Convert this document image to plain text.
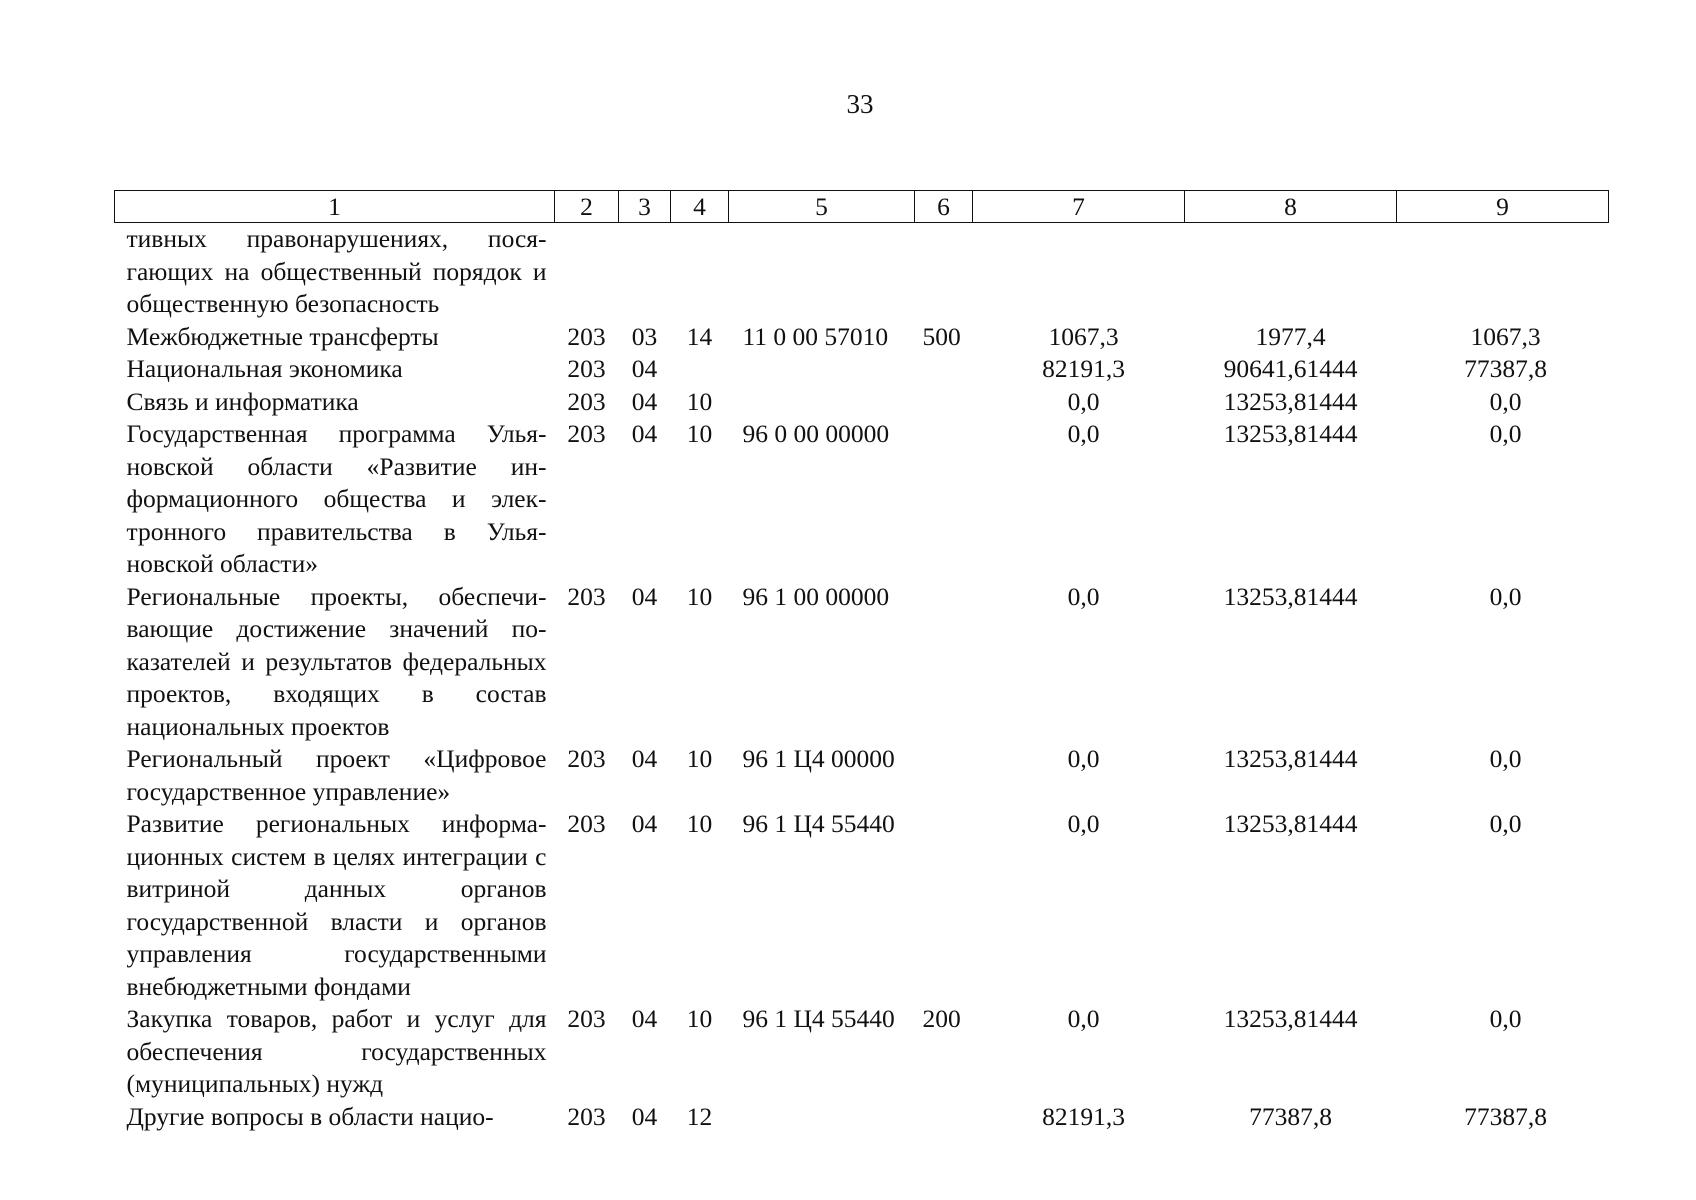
33
1	2	3	4	5	6	7	8	9
тивных правонарушениях, посягающих на общественный порядок и общественную безопасность								
Межбюджетные трансферты	203	03	14	11 0 00 57010	500	1067,3	1977,4	1067,3
Национальная экономика	203	04				82191,3	90641,61444	77387,8
Связь и информатика	203	04	10			0,0	13253,81444	0,0
Государственная программа Ульяновской области «Развитие информационного общества и электронного правительства в Ульяновской области»	203	04	10	96 0 00 00000		0,0	13253,81444	0,0
Региональные проекты, обеспечивающие достижение значений показателей и результатов федеральных проектов, входящих в состав национальных проектов	203	04	10	96 1 00 00000		0,0	13253,81444	0,0
Региональный проект «Цифровое государственное управление»	203	04	10	96 1 Ц4 00000		0,0	13253,81444	0,0
Развитие региональных информационных систем в целях интеграции с витриной данных органов государственной власти и органов управления государственными внебюджетными фондами	203	04	10	96 1 Ц4 55440		0,0	13253,81444	0,0
Закупка товаров, работ и услуг для обеспечения государственных (муниципальных) нужд	203	04	10	96 1 Ц4 55440	200	0,0	13253,81444	0,0
Другие вопросы в области нацио-	203	04	12			82191,3	77387,8	77387,8
